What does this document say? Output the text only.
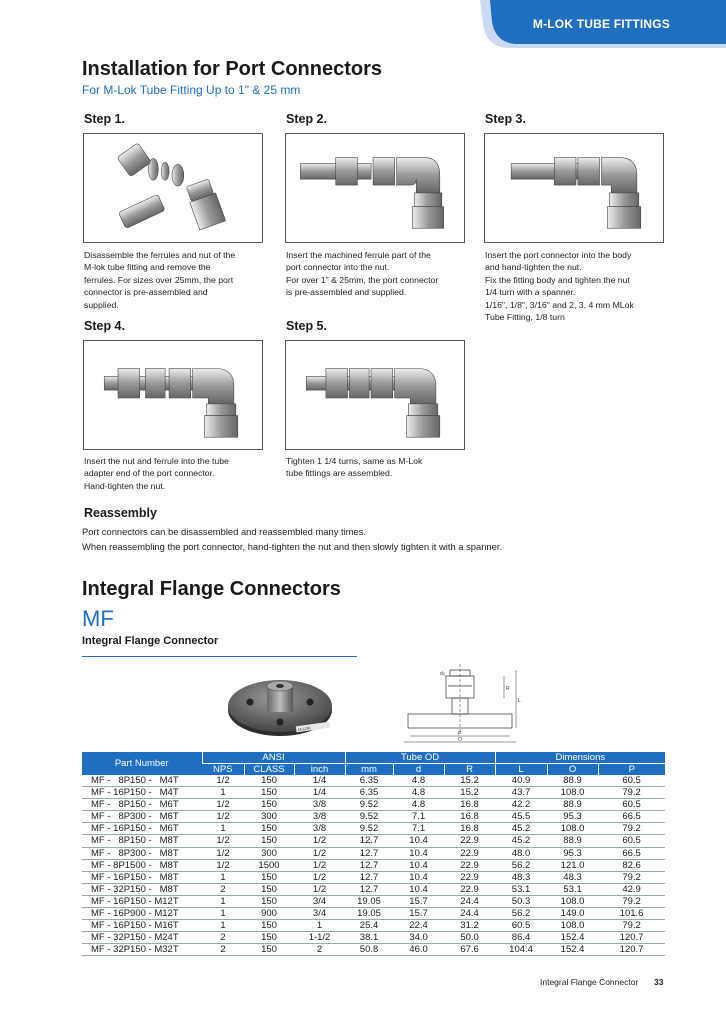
M-LOK TUBE FITTINGS
Installation for Port Connectors
For M-Lok Tube Fitting Up to 1" & 25 mm
Step 1.	Step 2.	Step 3.
Step 4.	Step 5.
Disassemble the ferrules and nut of the
M-lok tube fitting and remove the
ferrules. For sizes over 25mm, the port
connector is pre-assembled and
supplied.
Insert the machined ferrule part of the
port connector into the nut.
For over 1" & 25mm, the port connector
is pre-assembled and supplied.
Insert the port connector into the body
and hand-tighten the nut.
Fix the fitting body and tighten the nut
1/4 turn with a spanner.
1/16", 1/8", 3/16" and 2, 3, 4 mm MLok
Tube Fitting, 1/8 turn
Insert the nut and ferrule into the tube
adapter end of the port connector.
Hand-tighten the nut.
Tighten 1 1/4 turns, same as M-Lok
tube fittings are assembled.
Reassembly
Port connectors can be disassembled and reassembled many times.
When reassembling the port connector, hand-tighten the nut and then slowly tighten it with a spanner.
Integral Flange Connectors
MF
Integral Flange Connector
M-LOK
P
O
R
L
d
Part Number	ANSI			Tube OD			Dimensions		
	NPS	CLASS	inch	mm	d	R	L	O	P
MF -   8P150 -   M4T	1/2	150	1/4	6.35	4.8	15.2	40.9	88.9	60.5
MF - 16P150 -   M4T	1	150	1/4	6.35	4.8	15.2	43.7	108.0	79.2
MF -   8P150 -   M6T	1/2	150	3/8	9.52	4.8	16.8	42.2	88.9	60.5
MF -   8P300 -   M6T	1/2	300	3/8	9.52	7.1	16.8	45.5	95.3	66.5
MF - 16P150 -   M6T	1	150	3/8	9.52	7.1	16.8	45.2	108.0	79.2
MF -   8P150 -   M8T	1/2	150	1/2	12.7	10.4	22.9	45.2	88.9	60.5
MF -   8P300 -   M8T	1/2	300	1/2	12.7	10.4	22.9	48.0	95.3	66.5
MF - 8P1500 -   M8T	1/2	1500	1/2	12.7	10.4	22.9	56.2	121.0	82.6
MF - 16P150 -   M8T	1	150	1/2	12.7	10.4	22.9	48.3	48.3	79.2
MF - 32P150 -   M8T	2	150	1/2	12.7	10.4	22.9	53.1	53.1	42.9
MF - 16P150 - M12T	1	150	3/4	19.05	15.7	24.4	50.3	108.0	79.2
MF - 16P900 - M12T	1	900	3/4	19.05	15.7	24.4	56.2	149.0	101.6
MF - 16P150 - M16T	1	150	1	25.4	22.4	31.2	60.5	108.0	79.2
MF - 32P150 - M24T	2	150	1-1/2	38.1	34.0	50.0	86.4	152.4	120.7
MF - 32P150 - M32T	2	150	2	50.8	46.0	67.6	104.4	152.4	120.7
Integral Flange Connector 33
